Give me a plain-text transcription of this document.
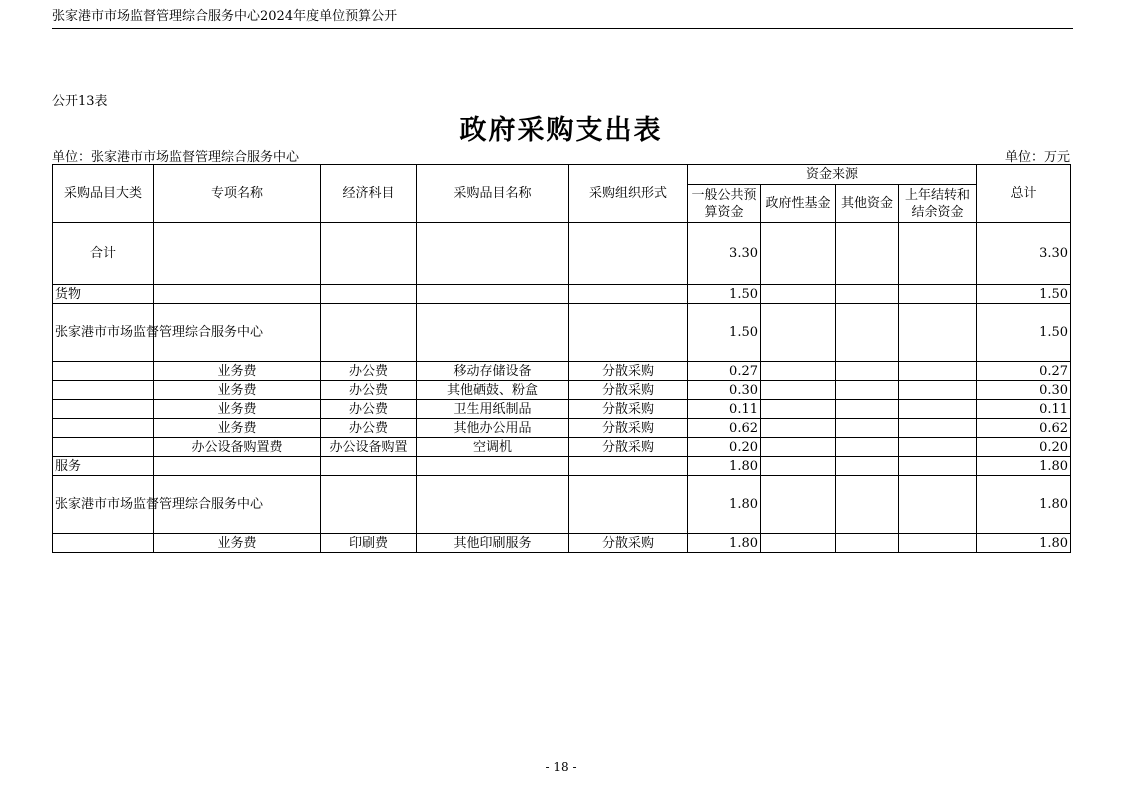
张家港市市场监督管理综合服务中心2024年度单位预算公开
公开13表
政府采购支出表
单位：张家港市市场监督管理综合服务中心	单位：万元
采购品目大类	专项名称	经济科目	采购品目名称	采购组织形式	资金来源				总计
					一般公共预算资金	政府性基金	其他资金	上年结转和结余资金	
合计					3.30				3.30
货物					1.50				1.50
张家港市市场监督管理综合服务中心					1.50				1.50
	业务费	办公费	移动存储设备	分散采购	0.27				0.27
	业务费	办公费	其他硒鼓、粉盒	分散采购	0.30				0.30
	业务费	办公费	卫生用纸制品	分散采购	0.11				0.11
	业务费	办公费	其他办公用品	分散采购	0.62				0.62
	办公设备购置费	办公设备购置	空调机	分散采购	0.20				0.20
服务					1.80				1.80
张家港市市场监督管理综合服务中心					1.80				1.80
	业务费	印刷费	其他印刷服务	分散采购	1.80				1.80
- 18 -
